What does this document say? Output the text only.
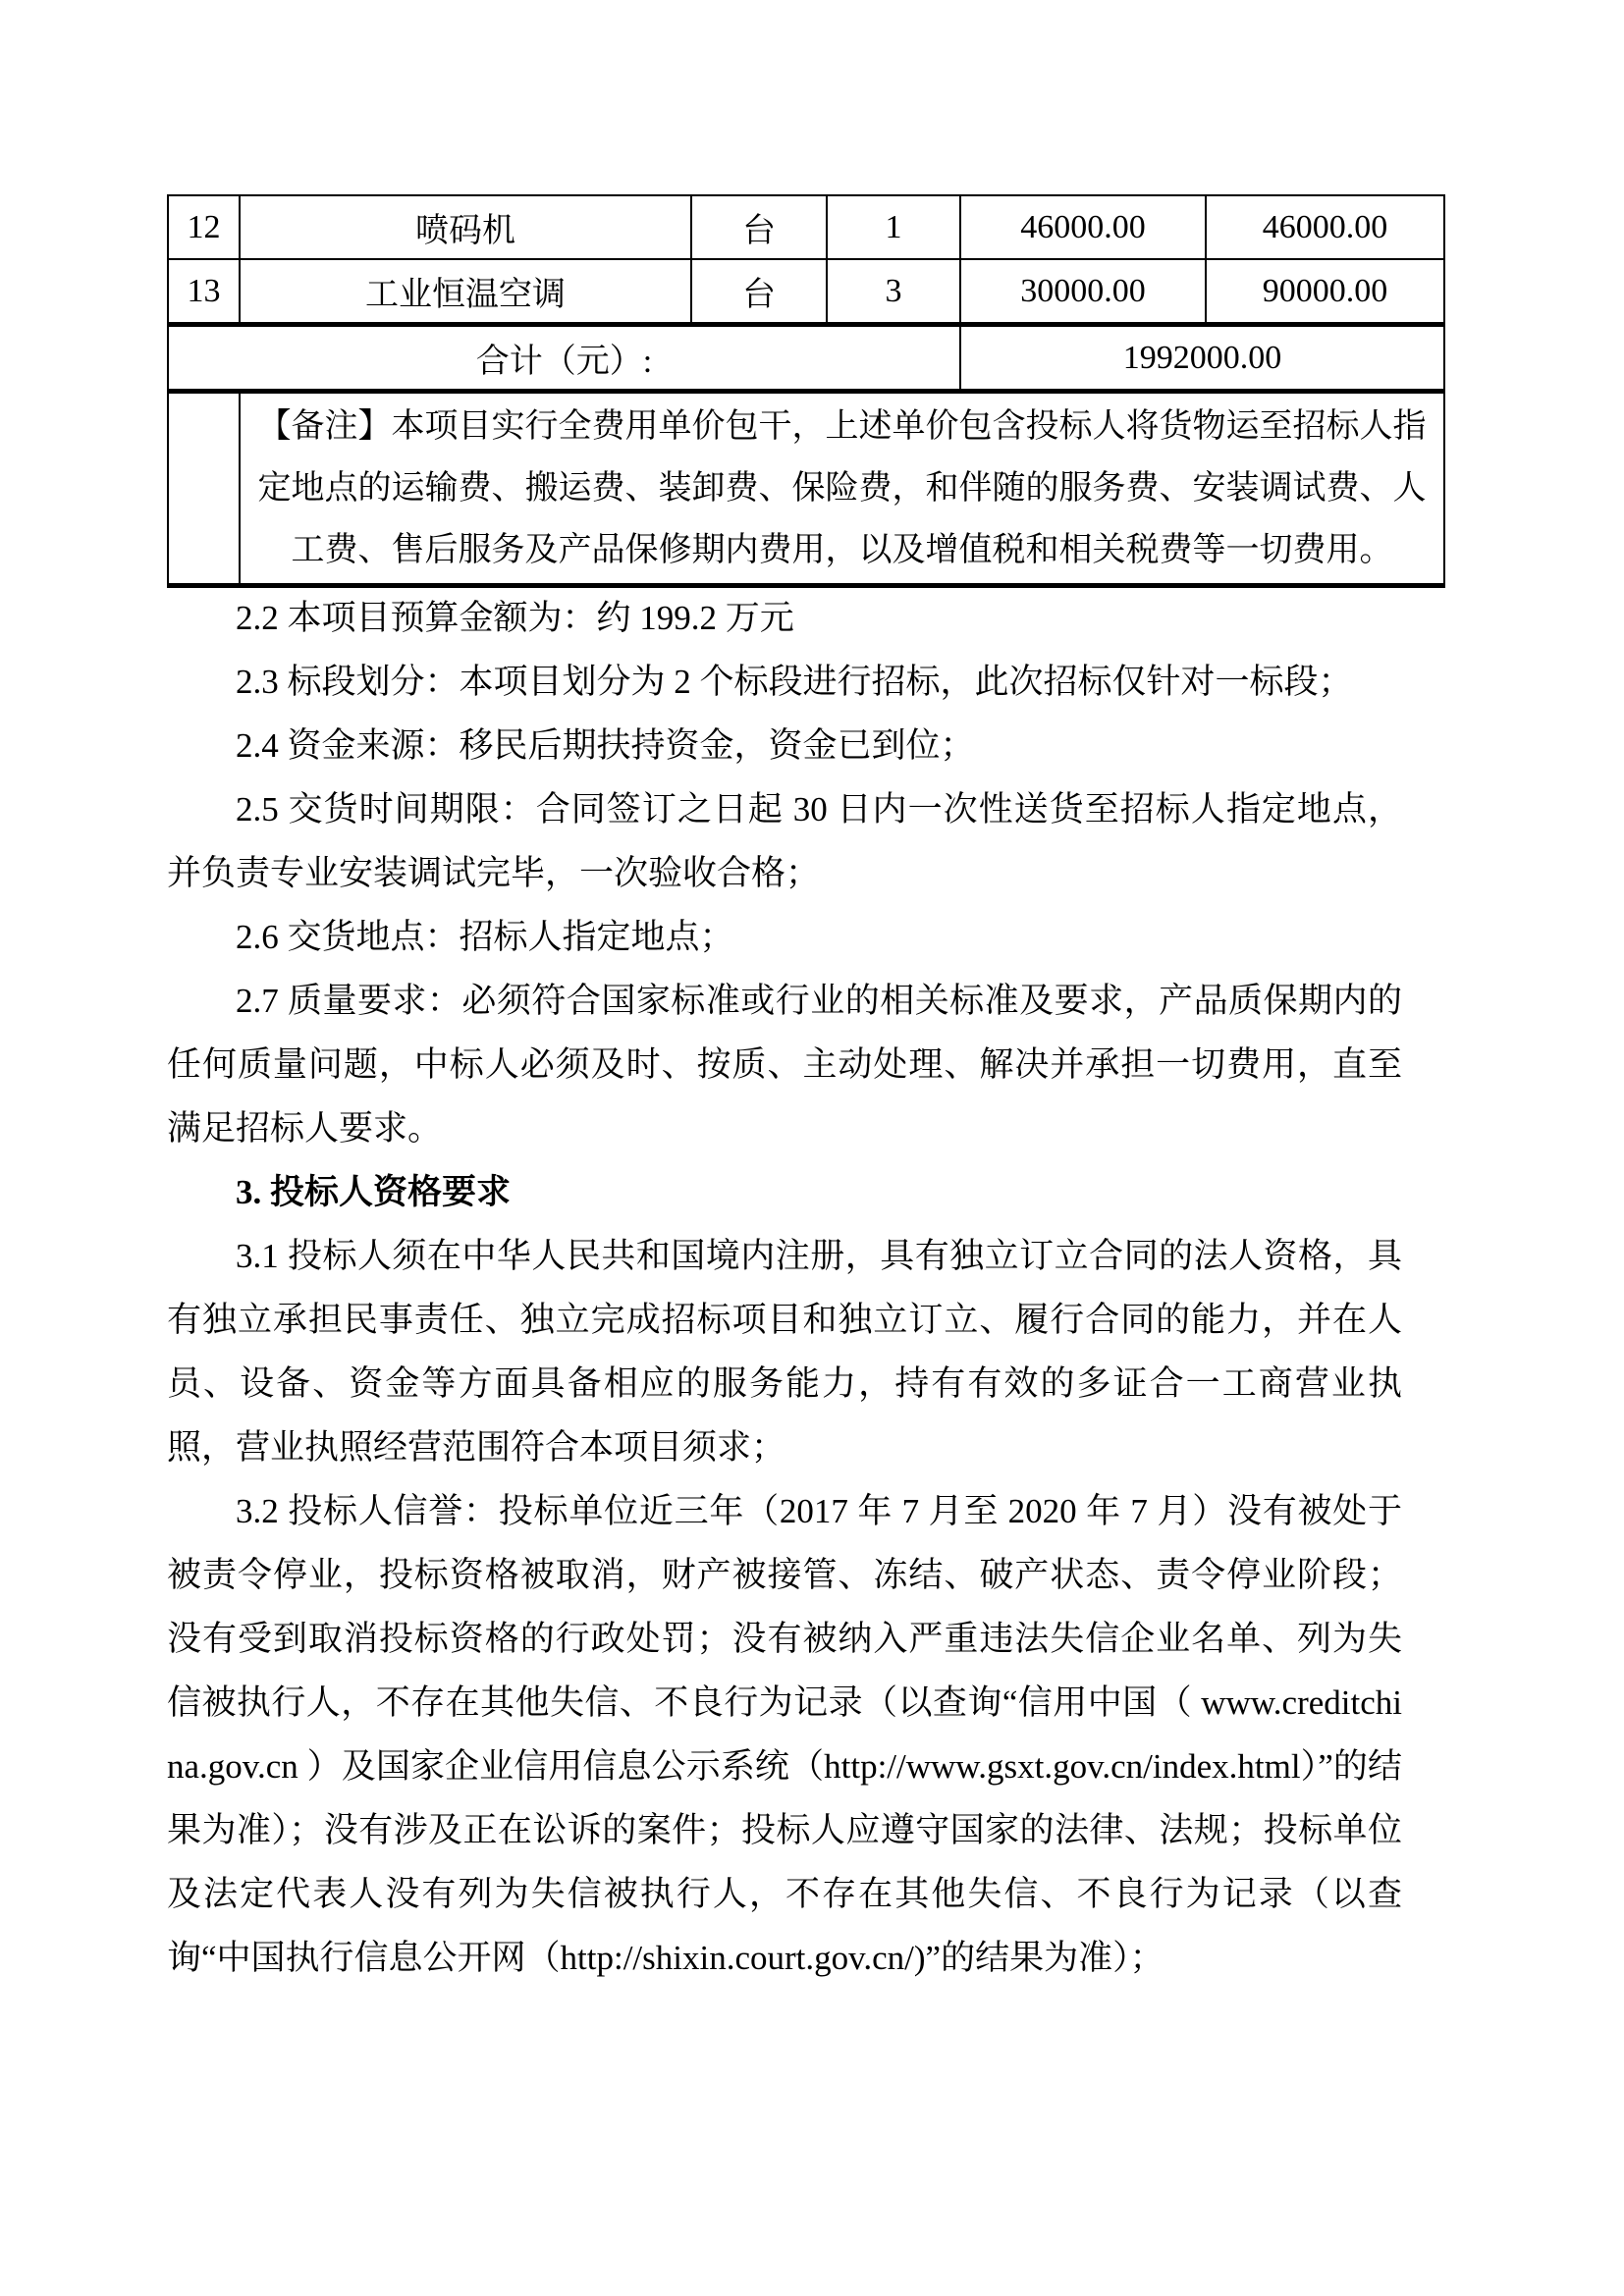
12	喷码机	台	1	46000.00	46000.00
13	工业恒温空调	台	3	30000.00	90000.00
合计（元）:				1992000.00	
	【备注】本项目实行全费用单价包干，上述单价包含投标人将货物运至招标人指定地点的运输费、搬运费、装卸费、保险费，和伴随的服务费、安装调试费、人工费、售后服务及产品保修期内费用，以及增值税和相关税费等一切费用。				

2.2 本项目预算金额为：约 199.2 万元

2.3 标段划分：本项目划分为 2 个标段进行招标，此次招标仅针对一标段；

2.4 资金来源：移民后期扶持资金，资金已到位；

2.5 交货时间期限：合同签订之日起 30 日内一次性送货至招标人指定地点，并负责专业安装调试完毕，一次验收合格；

2.6 交货地点：招标人指定地点；

2.7 质量要求：必须符合国家标准或行业的相关标准及要求，产品质保期内的任何质量问题，中标人必须及时、按质、主动处理、解决并承担一切费用，直至满足招标人要求。

3. 投标人资格要求

3.1 投标人须在中华人民共和国境内注册，具有独立订立合同的法人资格，具有独立承担民事责任、独立完成招标项目和独立订立、履行合同的能力，并在人员、设备、资金等方面具备相应的服务能力，持有有效的多证合一工商营业执照，营业执照经营范围符合本项目须求；

3.2 投标人信誉：投标单位近三年（2017 年 7 月至 2020 年 7 月）没有被处于被责令停业，投标资格被取消，财产被接管、冻结、破产状态、责令停业阶段；没有受到取消投标资格的行政处罚；没有被纳入严重违法失信企业名单、列为失信被执行人，不存在其他失信、不良行为记录（以查询“信用中国（ www.creditchina.gov.cn ）及国家企业信用信息公示系统（http://www.gsxt.gov.cn/index.html）”的结果为准）；没有涉及正在讼诉的案件；投标人应遵守国家的法律、法规；投标单位及法定代表人没有列为失信被执行人，不存在其他失信、不良行为记录（以查询“中国执行信息公开网（http://shixin.court.gov.cn/)”的结果为准）；
